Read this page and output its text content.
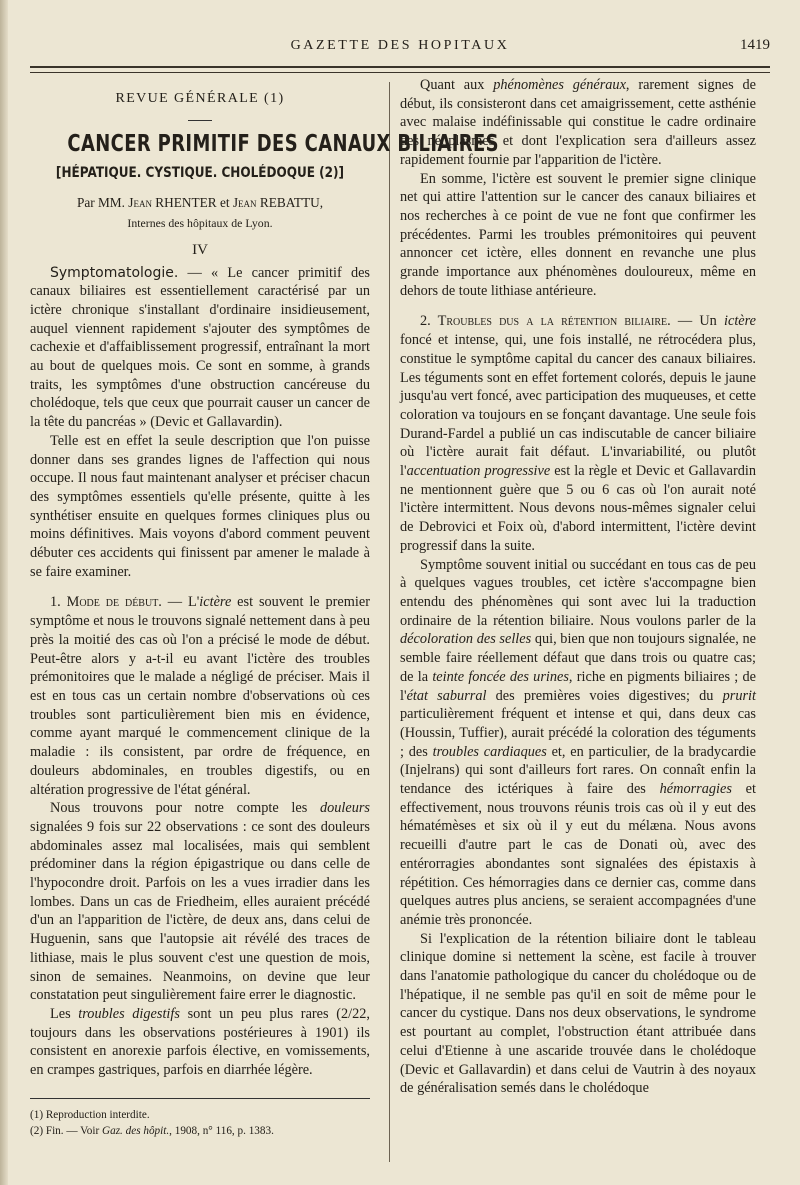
GAZETTE DES HOPITAUX	1419

REVUE GÉNÉRALE (1)

CANCER PRIMITIF DES CANAUX BILIAIRES

[HÉPATIQUE. CYSTIQUE. CHOLÉDOQUE (2)]

Par MM. Jean RHENTER et Jean REBATTU,

Internes des hôpitaux de Lyon.

IV

Symptomatologie. — « Le cancer primitif des canaux biliaires est essentiellement caractérisé par un ictère chronique s'installant d'ordinaire insidieusement, auquel viennent rapidement s'ajouter des symptômes de cachexie et d'affaiblissement progressif, entraînant la mort au bout de quelques mois. Ce sont en somme, à grands traits, les symptômes d'une obstruction cancéreuse du cholédoque, tels que ceux que pourrait causer un cancer de la tête du pancréas » (Devic et Gallavardin).

Telle est en effet la seule description que l'on puisse donner dans ses grandes lignes de l'affection qui nous occupe. Il nous faut maintenant analyser et préciser chacun des symptômes essentiels qu'elle présente, quitte à les synthétiser ensuite en quelques formes cliniques plus ou moins définitives. Mais voyons d'abord comment peuvent débuter ces accidents qui finissent par amener le malade à se faire examiner.

1. Mode de début. — L'ictère est souvent le premier symptôme et nous le trouvons signalé nettement dans à peu près la moitié des cas où l'on a précisé le mode de début. Peut-être alors y a-t-il eu avant l'ictère des troubles prémonitoires que le malade a négligé de préciser. Mais il est en tous cas un certain nombre d'observations où ces troubles sont particulièrement bien mis en évidence, comme ayant marqué le commencement clinique de la maladie : ils consistent, par ordre de fréquence, en douleurs abdominales, en troubles digestifs, ou en altération progressive de l'état général.

Nous trouvons pour notre compte les douleurs signalées 9 fois sur 22 observations : ce sont des douleurs abdominales assez mal localisées, mais qui semblent prédominer dans la région épigastrique ou dans celle de l'hypocondre droit. Parfois on les a vues irradier dans les lombes. Dans un cas de Friedheim, elles auraient précédé d'un an l'apparition de l'ictère, de deux ans, dans celui de Huguenin, sans que l'autopsie ait révélé des traces de lithiase, mais le plus souvent c'est une question de mois, sinon de semaines. Neanmoins, on devine que leur constatation peut singulièrement faire errer le diagnostic.

Les troubles digestifs sont un peu plus rares (2/22, toujours dans les observations postérieures à 1901) ils consistent en anorexie parfois élective, en vomissements, en crampes gastriques, parfois en diarrhée légère.

(1) Reproduction interdite.

(2) Fin. — Voir Gaz. des hôpit., 1908, n° 116, p. 1383.

Quant aux phénomènes généraux, rarement signes de début, ils consisteront dans cet amaigrissement, cette asthénie avec malaise indéfinissable qui constitue le cadre ordinaire des néoplasmes et dont l'explication sera d'ailleurs assez rapidement fournie par l'apparition de l'ictère.

En somme, l'ictère est souvent le premier signe clinique net qui attire l'attention sur le cancer des canaux biliaires et nos recherches à ce point de vue ne font que confirmer les précédentes. Parmi les troubles prémonitoires qui peuvent annoncer cet ictère, elles donnent en revanche une plus grande importance aux phénomènes douloureux, même en dehors de toute lithiase antérieure.

2. Troubles dus a la rétention biliaire. — Un ictère foncé et intense, qui, une fois installé, ne rétrocédera plus, constitue le symptôme capital du cancer des canaux biliaires. Les téguments sont en effet fortement colorés, depuis le jaune jusqu'au vert foncé, avec participation des muqueuses, et cette coloration va toujours en se fonçant davantage. Une seule fois Durand-Fardel a publié un cas indiscutable de cancer biliaire où l'ictère aurait fait défaut. L'invariabilité, ou plutôt l'accentuation progressive est la règle et Devic et Gallavardin ne mentionnent guère que 5 ou 6 cas où l'on aurait noté l'ictère intermittent. Nous devons nous-mêmes signaler celui de Debrovici et Foix où, d'abord intermittent, l'ictère devint progressif dans la suite.

Symptôme souvent initial ou succédant en tous cas de peu à quelques vagues troubles, cet ictère s'accompagne bien entendu des phénomènes qui sont avec lui la traduction ordinaire de la rétention biliaire. Nous voulons parler de la décoloration des selles qui, bien que non toujours signalée, ne semble faire réellement défaut que dans trois ou quatre cas; de la teinte foncée des urines, riche en pigments biliaires ; de l'état saburral des premières voies digestives; du prurit particulièrement fréquent et intense et qui, dans deux cas (Houssin, Tuffier), aurait précédé la coloration des téguments ; des troubles cardiaques et, en particulier, de la bradycardie (Injelrans) qui sont d'ailleurs fort rares. On connaît enfin la tendance des ictériques à faire des hémorragies et effectivement, nous trouvons réunis trois cas où il y eut des hématémèses et six où il y eut du mélæna. Nous avons recueilli d'autre part le cas de Donati où, avec des entérorragies abondantes sont signalées des épistaxis à répétition. Ces hémorragies dans ce dernier cas, comme dans quelques autres plus anciens, se seraient accompagnées d'une anémie très prononcée.

Si l'explication de la rétention biliaire dont le tableau clinique domine si nettement la scène, est facile à trouver dans l'anatomie pathologique du cancer du cholédoque ou de l'hépatique, il ne semble pas qu'il en soit de même pour le cancer du cystique. Dans nos deux observations, le syndrome est pourtant au complet, l'obstruction étant attribuée dans celui d'Etienne à une ascaride trouvée dans le cholédoque (Devic et Gallavardin) et dans celui de Vautrin à des noyaux de généralisation semés dans le cholédoque
